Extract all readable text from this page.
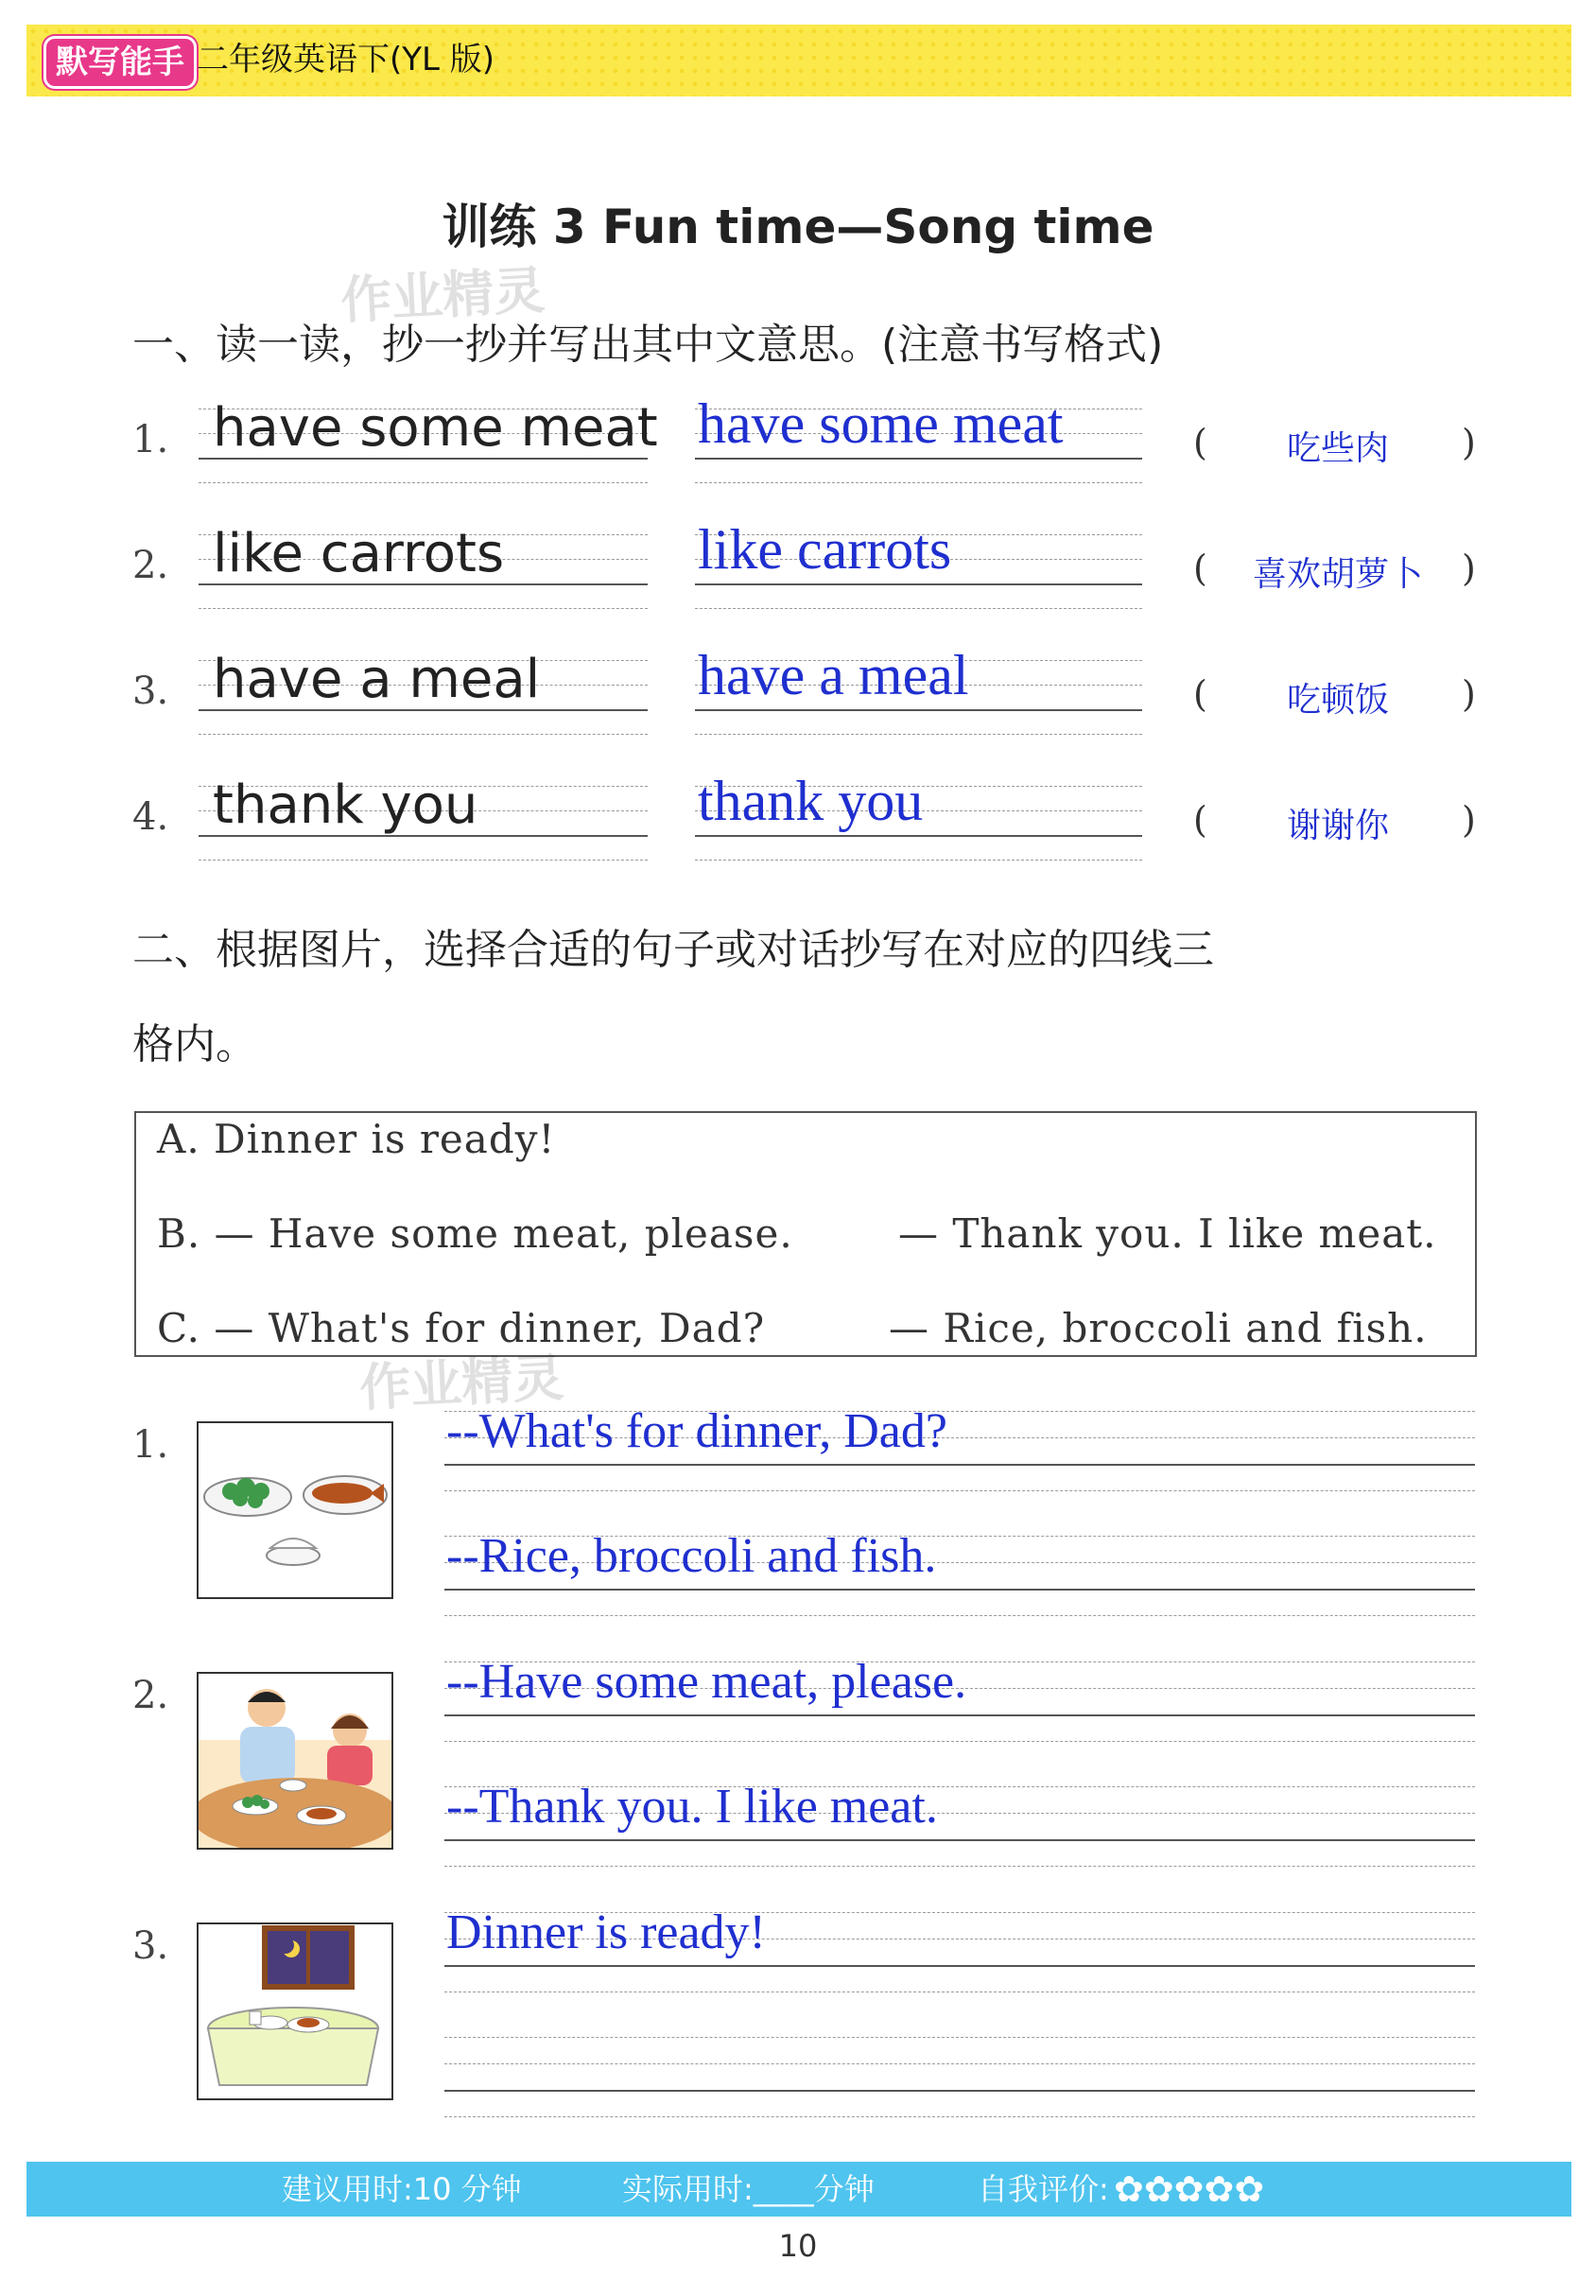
默写能手 二年级英语下(YL 版)
训练 3 Fun time—Song time
作业精灵
一、读一读，抄一抄并写出其中文意思。(注意书写格式)
1. have some meat have some meat	(	吃些肉	)
2. like carrots	like carrots	(	喜欢胡萝卜	)
3. have a meal	have a meal	(	吃顿饭	)
4. thank you	thank you	(	谢谢你	)
二、根据图片，选择合适的句子或对话抄写在对应的四线三
格内。
A. Dinner is ready!
B. — Have some meat, please.	— Thank you. I like meat.
C. — What's for dinner, Dad?	— Rice, broccoli and fish.
作业精灵
1.
2.
3.
--What's for dinner, Dad?
--Rice, broccoli and fish.
--Have some meat, please.
--Thank you. I like meat.
Dinner is ready!
建议用时:10 分钟	实际用时:____分钟	自我评价: ✿✿✿✿✿
10
